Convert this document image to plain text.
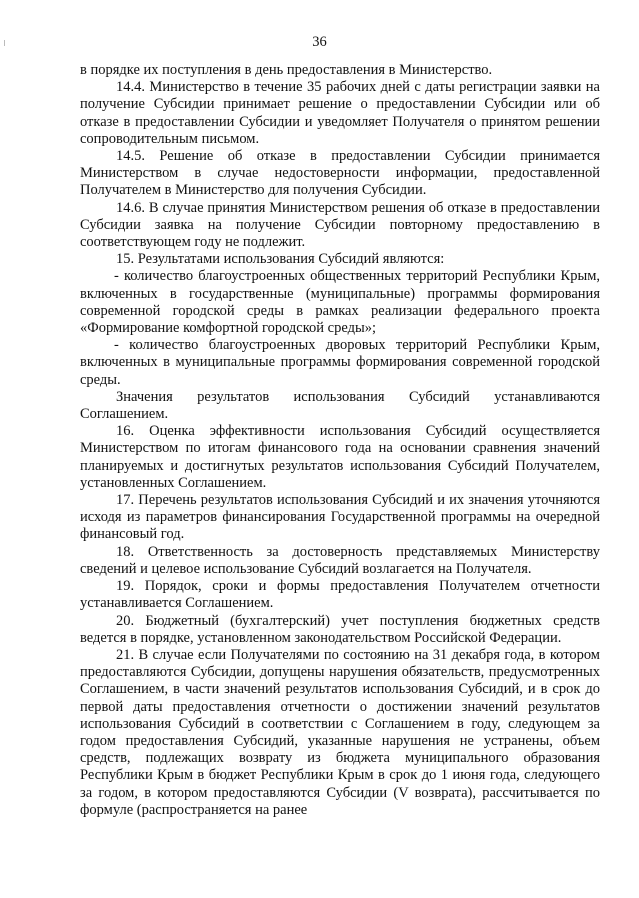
36

в порядке их поступления в день предоставления в Министерство.

14.4. Министерство в течение 35 рабочих дней с даты регистрации заявки на получение Субсидии принимает решение о предоставлении Субсидии или об отказе в предоставлении Субсидии и уведомляет Получателя о принятом решении сопроводительным письмом.

14.5. Решение об отказе в предоставлении Субсидии принимается Министерством в случае недостоверности информации, предоставленной Получателем в Министерство для получения Субсидии.

14.6. В случае принятия Министерством решения об отказе в предоставлении Субсидии заявка на получение Субсидии повторному предоставлению в соответствующем году не подлежит.

15. Результатами использования Субсидий являются:

- количество благоустроенных общественных территорий Республики Крым, включенных в государственные (муниципальные) программы формирования современной городской среды в рамках реализации федерального проекта «Формирование комфортной городской среды»;

- количество благоустроенных дворовых территорий Республики Крым, включенных в муниципальные программы формирования современной городской среды.

Значения результатов использования Субсидий устанавливаются Соглашением.

16. Оценка эффективности использования Субсидий осуществляется Министерством по итогам финансового года на основании сравнения значений планируемых и достигнутых результатов использования Субсидий Получателем, установленных Соглашением.

17. Перечень результатов использования Субсидий и их значения уточняются исходя из параметров финансирования Государственной программы на очередной финансовый год.

18. Ответственность за достоверность представляемых Министерству сведений и целевое использование Субсидий возлагается на Получателя.

19. Порядок, сроки и формы предоставления Получателем отчетности устанавливается Соглашением.

20. Бюджетный (бухгалтерский) учет поступления бюджетных средств ведется в порядке, установленном законодательством Российской Федерации.

21. В случае если Получателями по состоянию на 31 декабря года, в котором предоставляются Субсидии, допущены нарушения обязательств, предусмотренных Соглашением, в части значений результатов использования Субсидий, и в срок до первой даты предоставления отчетности о достижении значений результатов использования Субсидий в соответствии с Соглашением в году, следующем за годом предоставления Субсидий, указанные нарушения не устранены, объем средств, подлежащих возврату из бюджета муниципального образования Республики Крым в бюджет Республики Крым в срок до 1 июня года, следующего за годом, в котором предоставляются Субсидии (V возврата), рассчитывается по формуле (распространяется на ранее
